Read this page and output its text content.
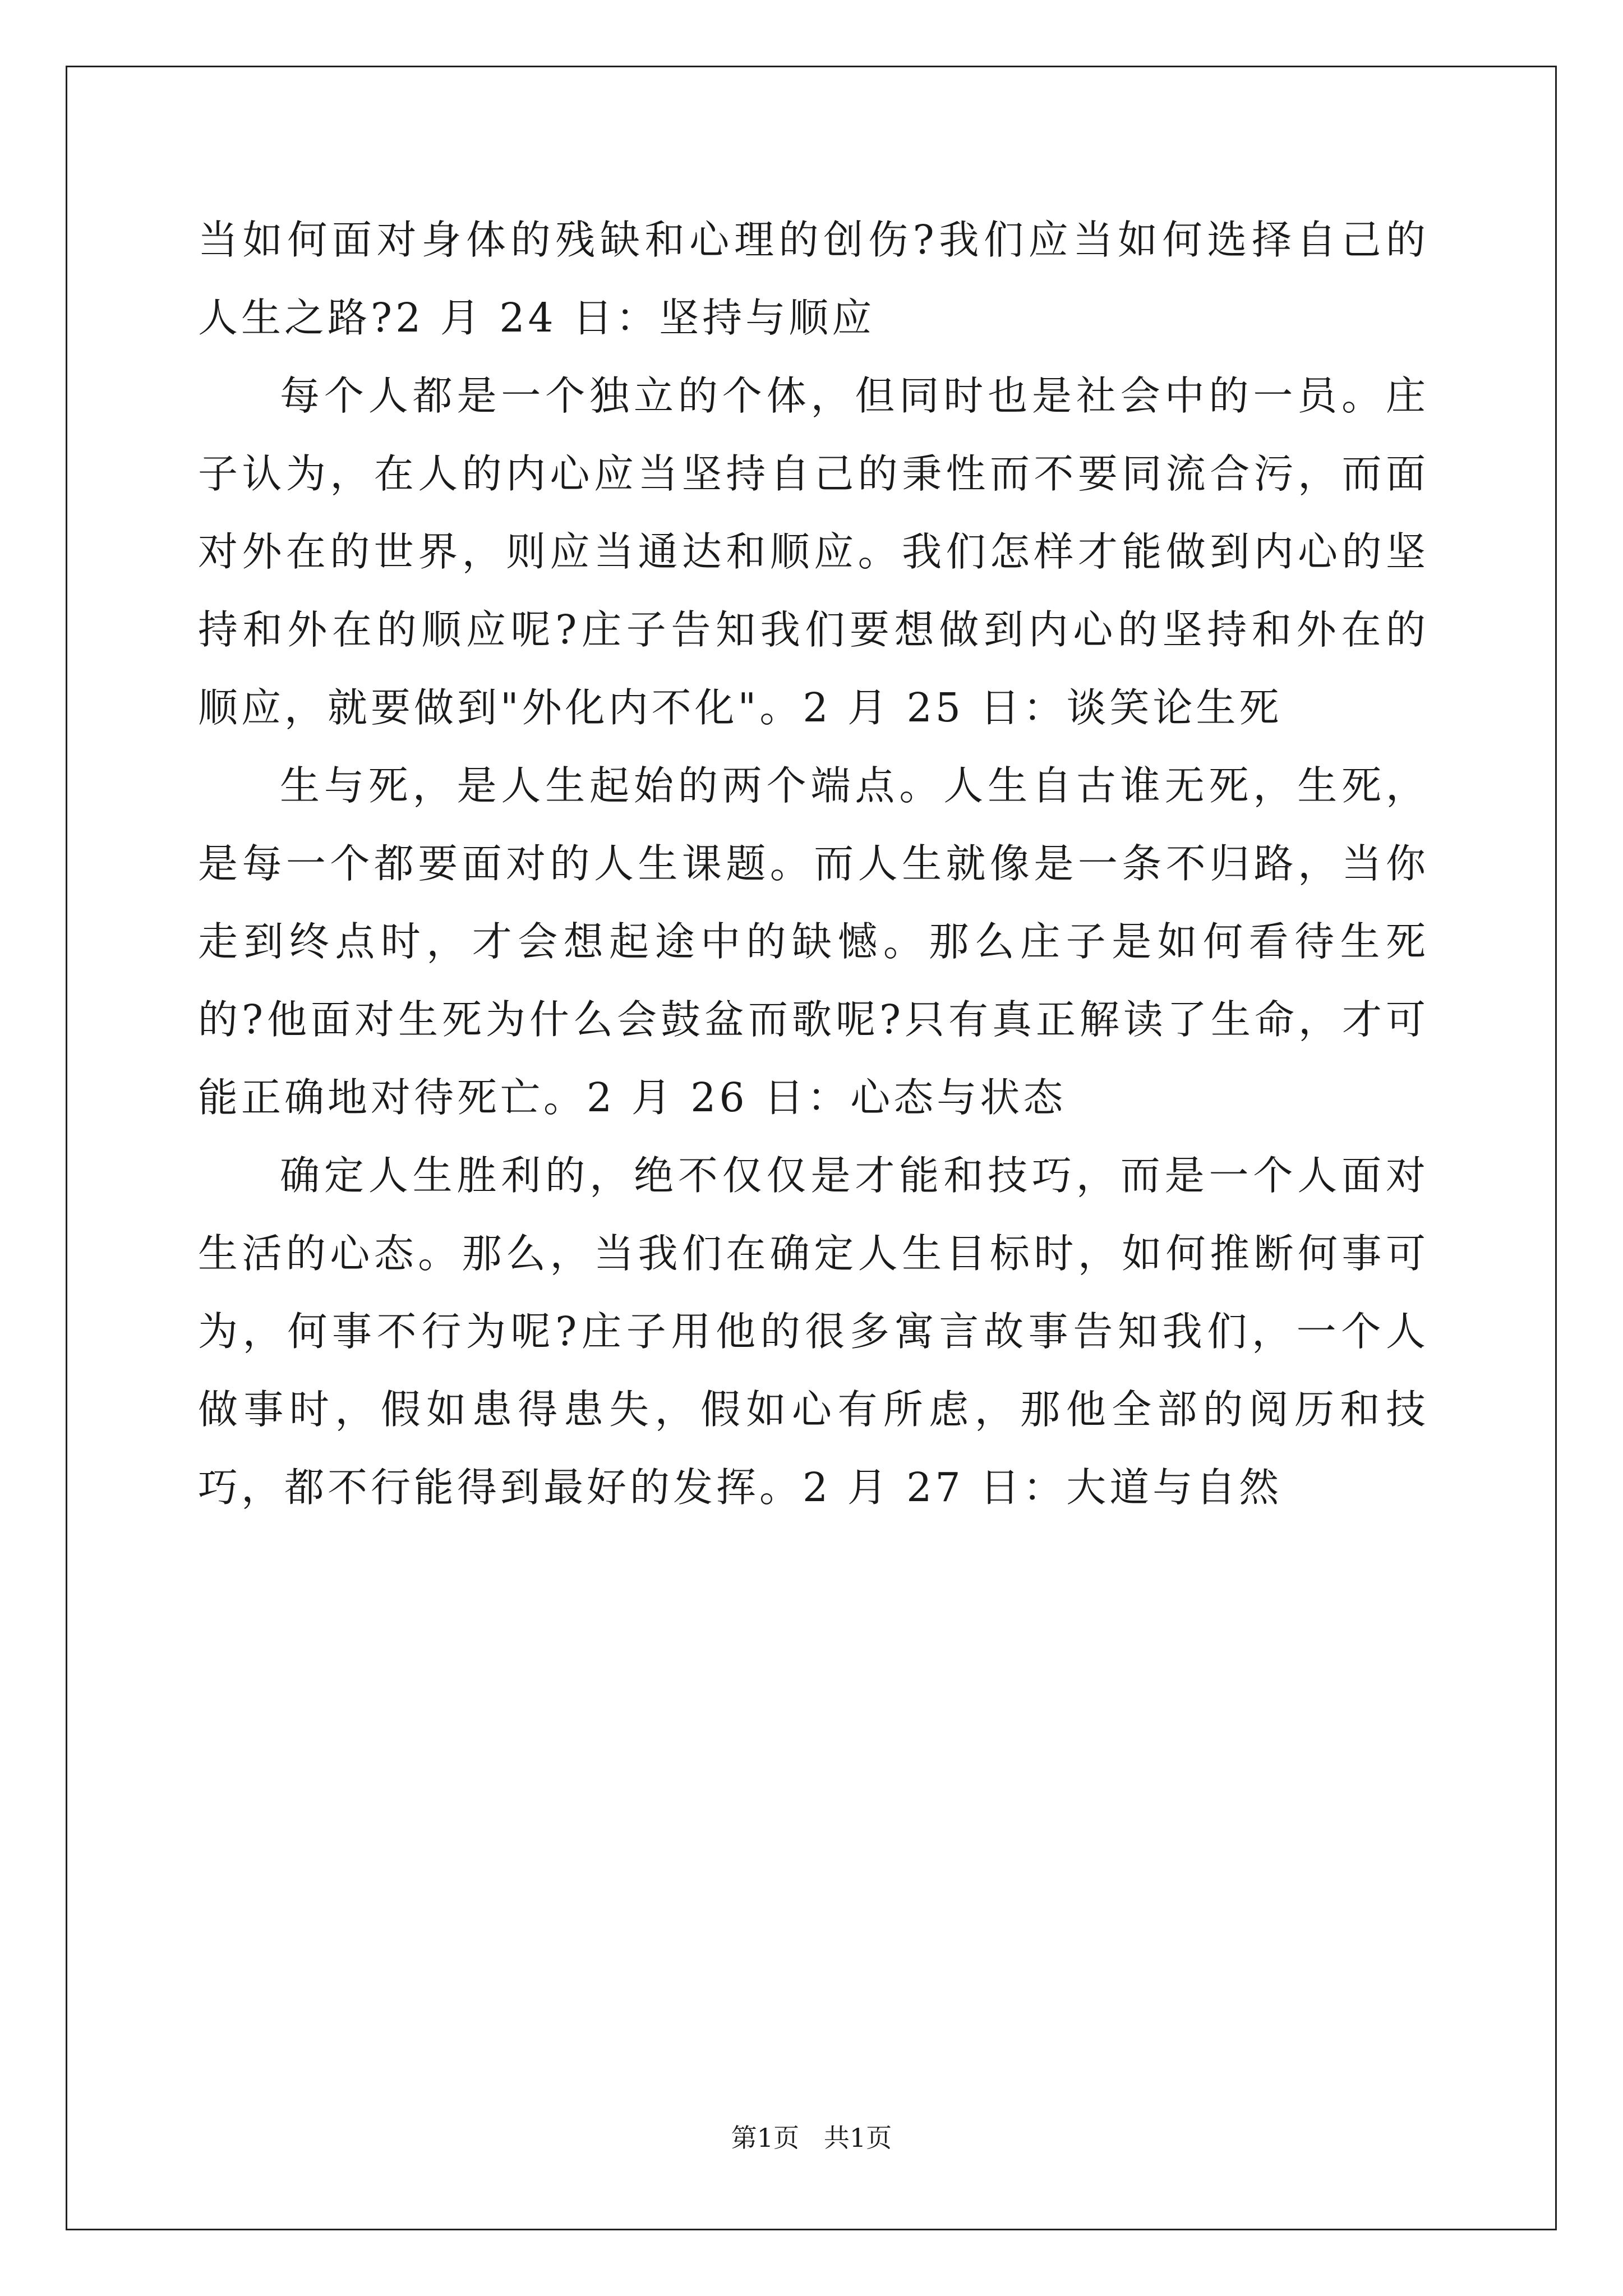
当如何面对身体的残缺和心理的创伤?我们应当如何选择自己的人生之路?2 月 24 日：坚持与顺应

每个人都是一个独立的个体，但同时也是社会中的一员。庄子认为，在人的内心应当坚持自己的秉性而不要同流合污，而面对外在的世界，则应当通达和顺应。我们怎样才能做到内心的坚持和外在的顺应呢?庄子告知我们要想做到内心的坚持和外在的顺应，就要做到"外化内不化"。2 月 25 日：谈笑论生死

生与死，是人生起始的两个端点。人生自古谁无死，生死，是每一个都要面对的人生课题。而人生就像是一条不归路，当你走到终点时，才会想起途中的缺憾。那么庄子是如何看待生死的?他面对生死为什么会鼓盆而歌呢?只有真正解读了生命，才可能正确地对待死亡。2 月 26 日：心态与状态

确定人生胜利的，绝不仅仅是才能和技巧，而是一个人面对生活的心态。那么，当我们在确定人生目标时，如何推断何事可为，何事不行为呢?庄子用他的很多寓言故事告知我们，一个人做事时，假如患得患失，假如心有所虑，那他全部的阅历和技巧，都不行能得到最好的发挥。2 月 27 日：大道与自然

第1页   共1页
